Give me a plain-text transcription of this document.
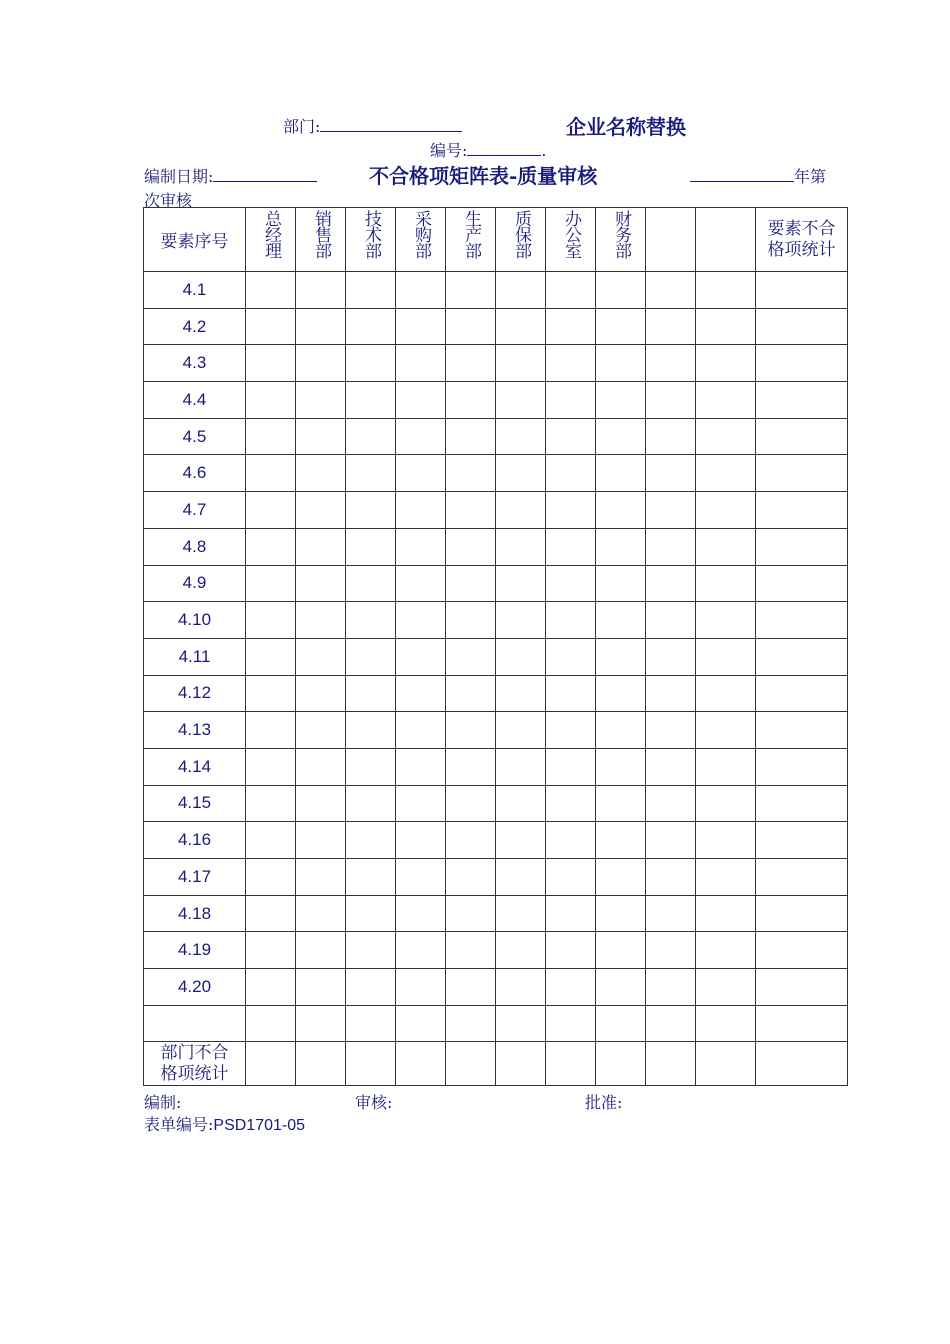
部门:	企业名称替换
编号:	.
编制日期:	不合格项矩阵表-质量审核	年第
次审核
要素序号	总经理	销售部	技术部	采购部	生产部	质保部	办公室	财务部			要素不合格项统计
4.1											
4.2											
4.3											
4.4											
4.5											
4.6											
4.7											
4.8											
4.9											
4.10											
4.11											
4.12											
4.13											
4.14											
4.15											
4.16											
4.17											
4.18											
4.19											
4.20											

部门不合格项统计											
编制:	审核:	批准:
表单编号:PSD1701-05
